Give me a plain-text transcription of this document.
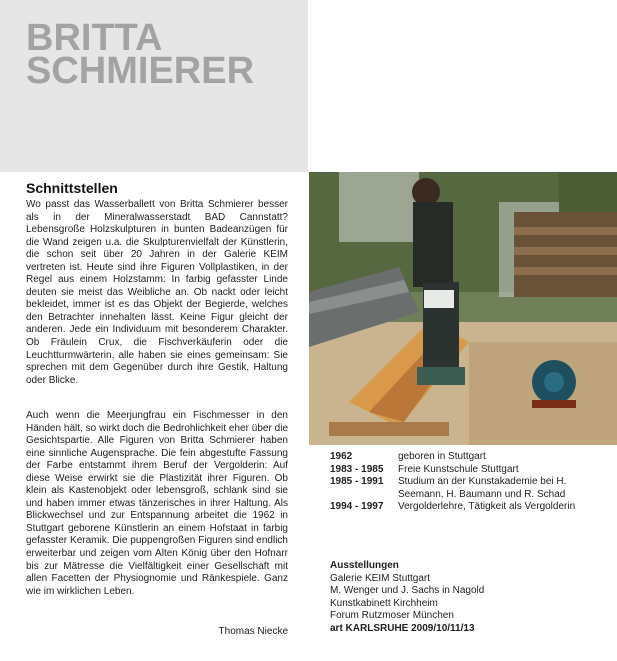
BRITTA
SCHMIERER
Schnittstellen

Wo passt das Wasserballett von Britta Schmierer besser als in der Mineralwasserstadt BAD Cannstatt? Lebensgroße Holzskulpturen in bunten Badeanzügen für die Wand zeigen u.a. die Skulpturenvielfalt der Künstlerin, die schon seit über 20 Jahren in der Galerie KEIM vertreten ist. Heute sind ihre Figuren Vollplastiken, in der Regel aus einem Holzstamm: In farbig gefasster Linde deuten sie meist das Weibliche an. Ob nackt oder leicht bekleidet, immer ist es das Objekt der Begierde, welches den Betrachter innehalten lässt. Keine Figur gleicht der anderen. Jede ein Individuum mit besonderem Charakter. Ob Fräulein Crux, die Fischverkäuferin oder die Leuchtturmwärterin, alle haben sie eines gemeinsam: Sie sprechen mit dem Gegenüber durch ihre Gestik, Haltung oder Blicke.

Auch wenn die Meerjungfrau ein Fischmesser in den Händen hält, so wirkt doch die Bedrohlichkeit eher über die Gesichtspartie. Alle Figuren von Britta Schmierer haben eine sinnliche Augensprache. Die fein abgestufte Fassung der Farbe entstammt ihrem Beruf der Vergolderin: Auf diese Weise erwirkt sie die Plastizität ihrer Figuren. Ob klein als Kastenobjekt oder lebensgroß, schlank sind sie und haben immer etwas tänzerisches in ihrer Haltung. Als Blickwechsel und zur Entspannung arbeitet die 1962 in Stuttgart geborene Künstlerin an einem Hofstaat in farbig gefasster Keramik. Die puppengroßen Figuren sind endlich erweiterbar und zeigen vom Alten König über den Hofnarr bis zur Mätresse die Vielfältigkeit einer Gesellschaft mit allen Facetten der Physiognomie und Ränkespiele. Ganz wie im wirklichen Leben.

Thomas Niecke
1962	geboren in Stuttgart
1983 - 1985	Freie Kunstschule Stuttgart
1985 - 1991	Studium an der Kunstakademie bei H. Seemann, H. Baumann und R. Schad
1994 - 1997	Vergolderlehre, Tätigkeit als Vergolderin
Ausstellungen
Galerie KEIM Stuttgart
M. Wenger und J. Sachs in Nagold
Kunstkabinett Kirchheim
Forum Rutzmoser München
art KARLSRUHE 2009/10/11/13
